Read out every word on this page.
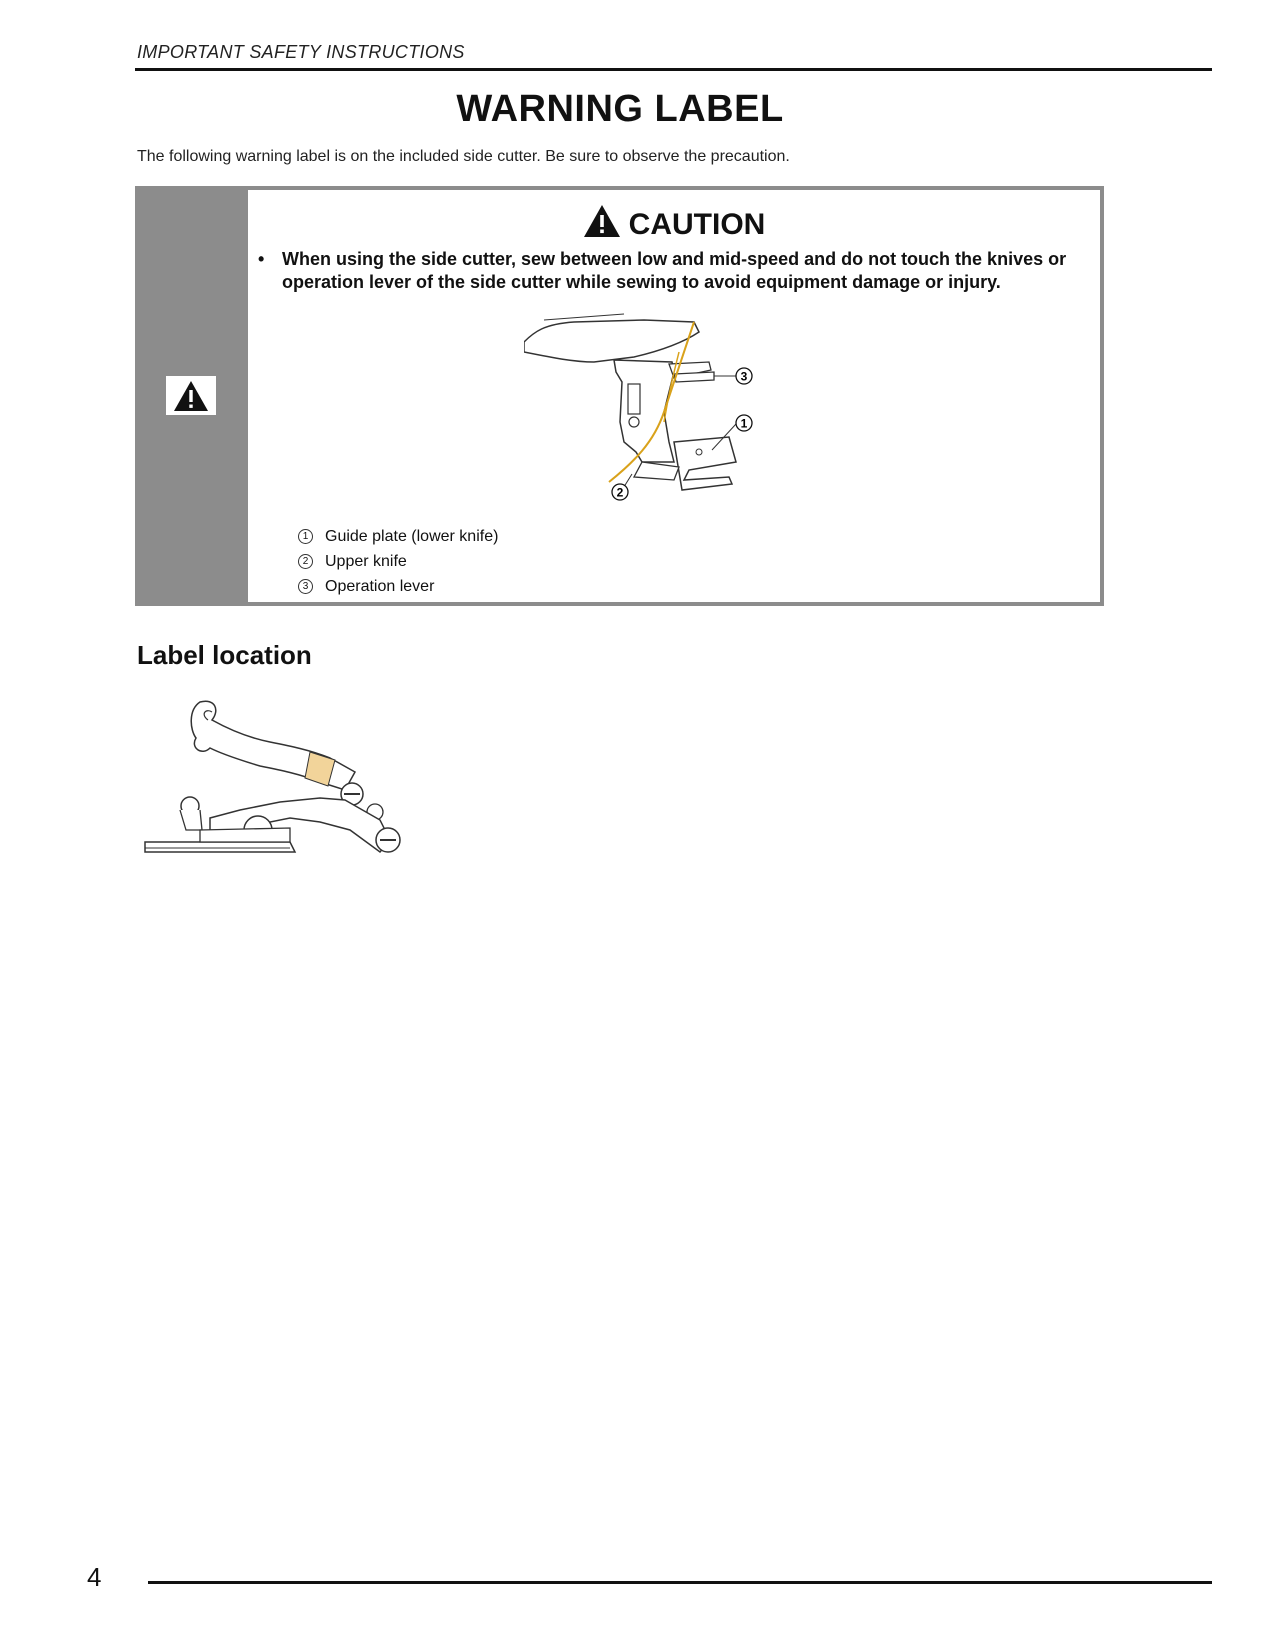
IMPORTANT SAFETY INSTRUCTIONS
WARNING LABEL
The following warning label is on the included side cutter. Be sure to observe the precaution.
CAUTION
• When using the side cutter, sew between low and mid-speed and do not touch the knives or operation lever of the side cutter while sewing to avoid equipment damage or injury.
3
1
2
1 Guide plate (lower knife)
2 Upper knife
3 Operation lever
Label location
4
